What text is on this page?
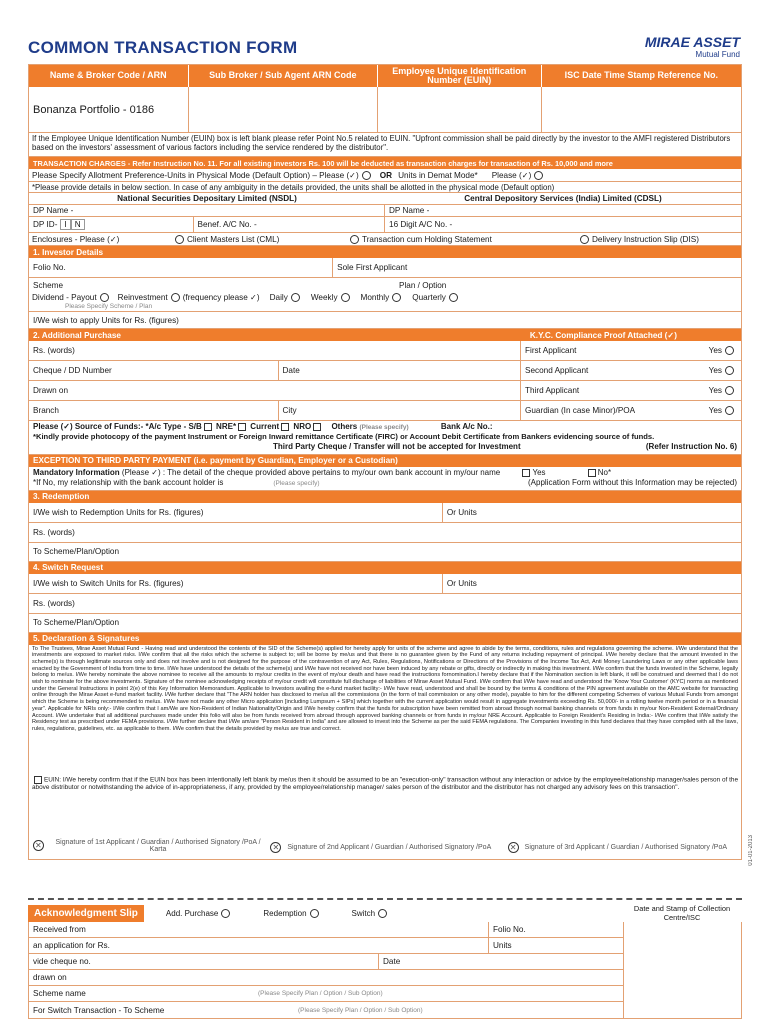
COMMON TRANSACTION FORM	MIRAE ASSET
Mutual Fund
Name & Broker Code / ARN	Sub Broker / Sub Agent ARN Code	Employee Unique Identification Number (EUIN)	ISC Date Time Stamp Reference No.
Bonanza Portfolio - 0186
If the Employee Unique Identification Number (EUIN) box is left blank please refer Point No.5 related to EUIN. "Upfront commission shall be paid directly by the investor to the AMFI registered Distributors based on the investors' assessment of various factors including the service rendered by the distributor".
TRANSACTION CHARGES - Refer Instruction No. 11. For all existing investors Rs. 100 will be deducted as transaction charges for transaction of Rs. 10,000 and more
Please Specify Allotment Preference-Units in Physical Mode (Default Option) – Please (✓)	OR Units in Demat Mode* Please (✓)
*Please provide details in below section. In case of any ambiguity in the details provided, the units shall be allotted in the physical mode (Default option)
National Securities Depositary Limited (NSDL)	Central Depository Services (India) Limited (CDSL)
DP Name -	DP Name -
DP ID- I N	Benef. A/C No. -	16 Digit A/C No. -
Enclosures - Please (✓)	Client Masters List (CML)	Transaction cum Holding Statement	Delivery Instruction Slip (DIS)
1. Investor Details
Folio No.	Sole First Applicant
Scheme	Plan / Option
Dividend - Payout	Reinvestment (frequency please ✓) Daily	Weekly	Monthly	Quarterly
Please Specify Scheme / Plan
I/We wish to apply Units for Rs. (figures)
2. Additional Purchase	K.Y.C. Compliance Proof Attached (✓)
Rs. (words)
Cheque / DD Number	Date
Drawn on
Branch	City
First Applicant	Yes
Second Applicant	Yes
Third Applicant	Yes
Guardian (In case Minor)/POA	Yes
Please (✓) Source of Funds:- *A/c Type - S/B NRE* Current NRO	Others (Please specify)	Bank A/c No.:
*Kindly provide photocopy of the payment Instrument or Foreign Inward remittance Certificate (FIRC) or Account Debit Certificate from Bankers evidencing source of funds.
Third Party Cheque / Transfer will not be accepted for Investment	(Refer Instruction No. 6)
EXCEPTION TO THIRD PARTY PAYMENT (i.e. payment by Guardian, Employer or a Custodian)
Mandatory Information (Please ✓) : The detail of the cheque provided above pertains to my/our own bank account in my/our name	Yes	No*
*If No, my relationship with the bank account holder is	(Please specify)	(Application Form without this Information may be rejected)
3. Redemption
I/We wish to Redemption Units for Rs. (figures)	Or Units
Rs. (words)
To Scheme/Plan/Option
4. Switch Request
I/We wish to Switch Units for Rs. (figures)	Or Units
Rs. (words)
To Scheme/Plan/Option
5. Declaration & Signatures
To The Trustees, Mirae Asset Mutual Fund - Having read and understood the contents of the SID of the Scheme(s) applied for hereby apply for units of the scheme and agree to abide by the terms, conditions, rules and regulations governing the scheme. I/We understand that the investments are exposed to market risks. I/We confirm that all the risks which the scheme is subject to; will be borne by me/us and that there is no guarantee given by the Fund of any returns including repayment of principal. I/We hereby declare that the amount invested in the scheme(s) is through legitimate sources only and does not involve and is not designed for the purpose of the contravention of any Act, Rules, Regulations, Notifications or Directions of the Provisions of the Income Tax Act, Anti Money Laundering Laws or any other applicable laws enacted by the Government of India from time to time. I/We have understood the details of the scheme(s) and I/We have not received nor have been induced by any rebate or gifts, directly or indirectly in making this investment. I/We confirm that the funds invested in the Scheme, legally belong to me/us. I/We hereby nominate the above nominee to receive all the amounts to my/our credits in the event of my/our death and have read the instructions fornomination.I hereby declare that if the Nomination section is left blank, it will be construed and deemed that I do not wish to nominate for the above investments. Signature of the nominee acknowledging receipts of my/our credit will constitute full discharge of liabilities of Mirae Asset Mutual Fund. I/We confirm that I/We have read and understood the 'Know Your Customer' (KYC) norms as mentioned under the General Instructions in point 2(e) of this Key Information Memorandum. Applicable to Investors availing the e-fund market facility:- I/We have read, understood and shall be bound by the terms & conditions of the PIN agreement available on the AMC website for transacting online through the Mirae Asset e-fund market facility. I/We further declare that "The ARN holder has disclosed to me/us all the commissions (in the form of trail commission or any other mode), payable to him for the different competing Schemes of various Mutual Funds from amongst which the Scheme is being recommended to me/us. I/We have not made any other Micro application [including Lumpsum + SIPs] which together with the current application would result in aggregate investments exceeding Rs. 50,000/- in a rolling twelve month period or in a financial year". Applicable for NRIs only:- I/We confirm that I am/We are Non-Resident of Indian Nationality/Origin and I/We hereby confirm that the funds for subscription have been remitted from abroad through normal banking channels or from funds in my/our Non-Resident External/Ordinary Account. I/We undertake that all additional purchases made under this folio will also be from funds received from abroad through approved banking channels or from funds in my/our NRE Account. Applicable to Foreign Resident's Residing in India:- I/We confirm that I/We satisfy the Residency test as prescribed under FEMA provisions. I/We further declare that I/We am/are "Person Resident in India" and are allowed to invest into the Scheme as per the said FEMA regulations. The Companies investing in this fund declares that they have complied with all the laws, rules, regulations, guidelines, etc. as applicable to them. I/We confirm that the details provided by me/us are true and correct.
EUIN: I/We hereby confirm that if the EUIN box has been intentionally left blank by me/us then it should be assumed to be an "execution-only" transaction without any interaction or advice by the employee/relationship manager/sales person of the above distributor or notwithstanding the advice of in-appropriateness, if any, provided by the employee/relationship manager/ sales person of the distributor and the distributor has not charged any advisory fees on this transaction".
✕	Signature of 1st Applicant / Guardian / Authorised Signatory /PoA / Karta	✕	Signature of 2nd Applicant / Guardian / Authorised Signatory /PoA ✕	Signature of 3rd Applicant / Guardian / Authorised Signatory /PoA	01-01-2013
Acknowledgment Slip	Add. Purchase	Redemption	Switch	Date and Stamp of Collection Centre/ISC
Received from	Folio No.
an application for Rs.	Units
vide cheque no.	Date
drawn on
Scheme name	(Please Specify Plan / Option / Sub Option)
For Switch Transaction - To Scheme	(Please Specify Plan / Option / Sub Option)
